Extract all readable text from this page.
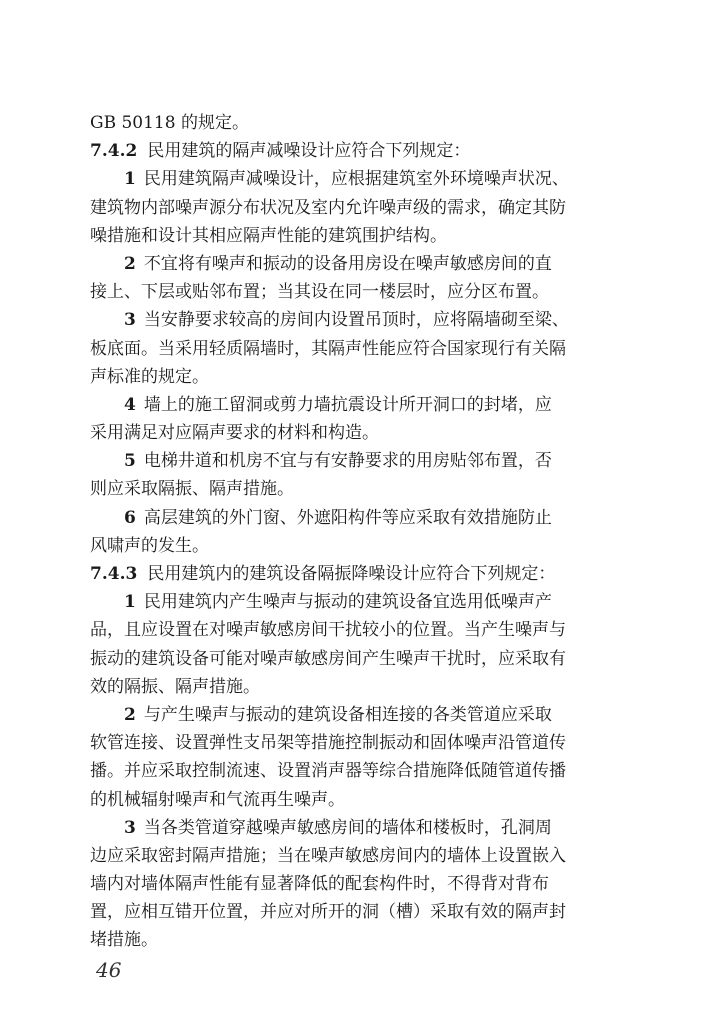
GB 50118 的规定。
7.4.2 民用建筑的隔声减噪设计应符合下列规定：
1 民用建筑隔声减噪设计，应根据建筑室外环境噪声状况、
建筑物内部噪声源分布状况及室内允许噪声级的需求，确定其防
噪措施和设计其相应隔声性能的建筑围护结构。
2 不宜将有噪声和振动的设备用房设在噪声敏感房间的直
接上、下层或贴邻布置；当其设在同一楼层时，应分区布置。
3 当安静要求较高的房间内设置吊顶时，应将隔墙砌至梁、
板底面。当采用轻质隔墙时，其隔声性能应符合国家现行有关隔
声标准的规定。
4 墙上的施工留洞或剪力墙抗震设计所开洞口的封堵，应
采用满足对应隔声要求的材料和构造。
5 电梯井道和机房不宜与有安静要求的用房贴邻布置，否
则应采取隔振、隔声措施。
6 高层建筑的外门窗、外遮阳构件等应采取有效措施防止
风啸声的发生。
7.4.3 民用建筑内的建筑设备隔振降噪设计应符合下列规定：
1 民用建筑内产生噪声与振动的建筑设备宜选用低噪声产
品，且应设置在对噪声敏感房间干扰较小的位置。当产生噪声与
振动的建筑设备可能对噪声敏感房间产生噪声干扰时，应采取有
效的隔振、隔声措施。
2 与产生噪声与振动的建筑设备相连接的各类管道应采取
软管连接、设置弹性支吊架等措施控制振动和固体噪声沿管道传
播。并应采取控制流速、设置消声器等综合措施降低随管道传播
的机械辐射噪声和气流再生噪声。
3 当各类管道穿越噪声敏感房间的墙体和楼板时，孔洞周
边应采取密封隔声措施；当在噪声敏感房间内的墙体上设置嵌入
墙内对墙体隔声性能有显著降低的配套构件时，不得背对背布
置，应相互错开位置，并应对所开的洞（槽）采取有效的隔声封
堵措施。
46
